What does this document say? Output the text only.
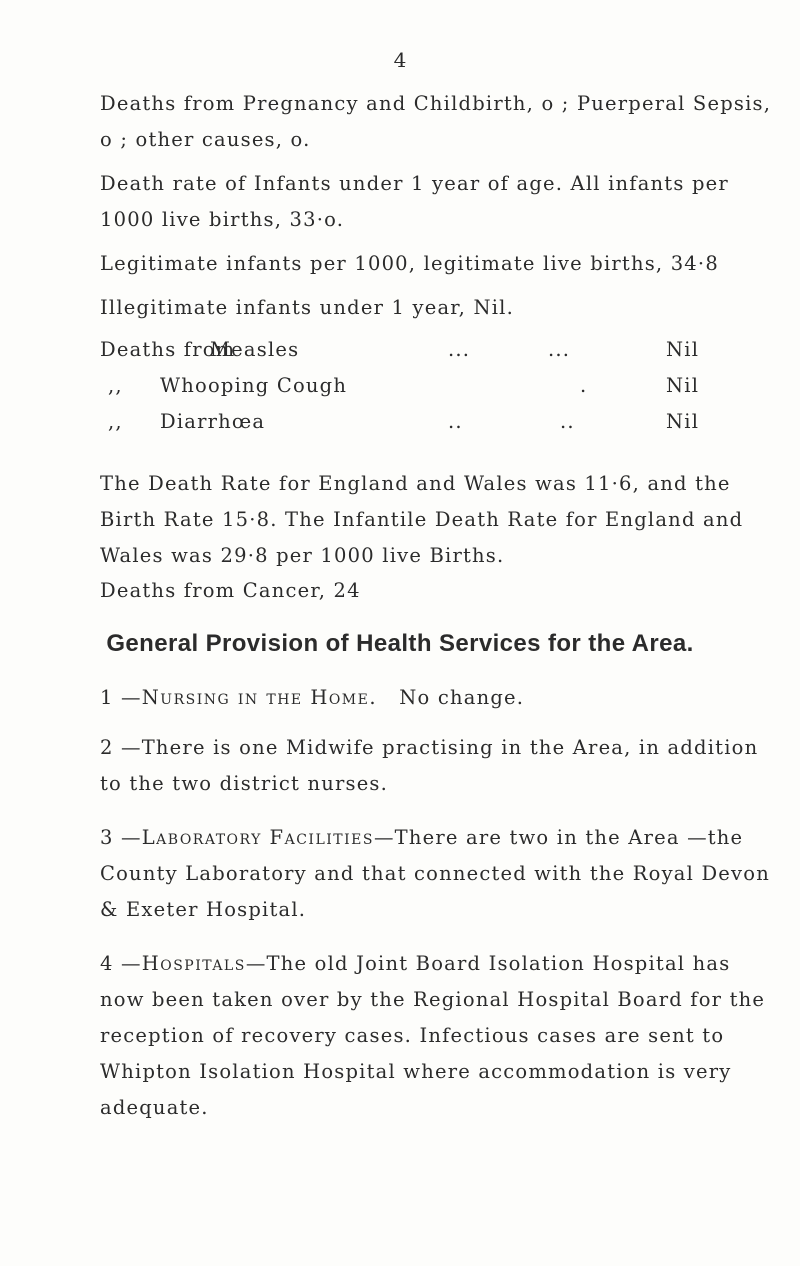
4
Deaths from Pregnancy and Childbirth, o ; Puerperal Sepsis, o ; other causes, o.
Death rate of Infants under 1 year of age. All infants per 1000 live births, 33·o.
Legitimate infants per 1000, legitimate live births, 34·8
Illegitimate infants under 1 year, Nil.
Deaths from
Measles	...	...	Nil
,, Whooping Cough	.	Nil
,, Diarrhœa	..	..	Nil
The Death Rate for England and Wales was 11·6, and the Birth Rate 15·8. The Infantile Death Rate for England and Wales was 29·8 per 1000 live Births.
Deaths from Cancer, 24
General Provision of Health Services for the Area.
1 —Nursing in the Home. No change.
2 —There is one Midwife practising in the Area, in addition to the two district nurses.
3 —Laboratory Facilities—There are two in the Area —the County Laboratory and that connected with the Royal Devon & Exeter Hospital.
4 —Hospitals—The old Joint Board Isolation Hospital has now been taken over by the Regional Hospital Board for the reception of recovery cases. Infectious cases are sent to Whipton Isolation Hospital where accommodation is very adequate.
